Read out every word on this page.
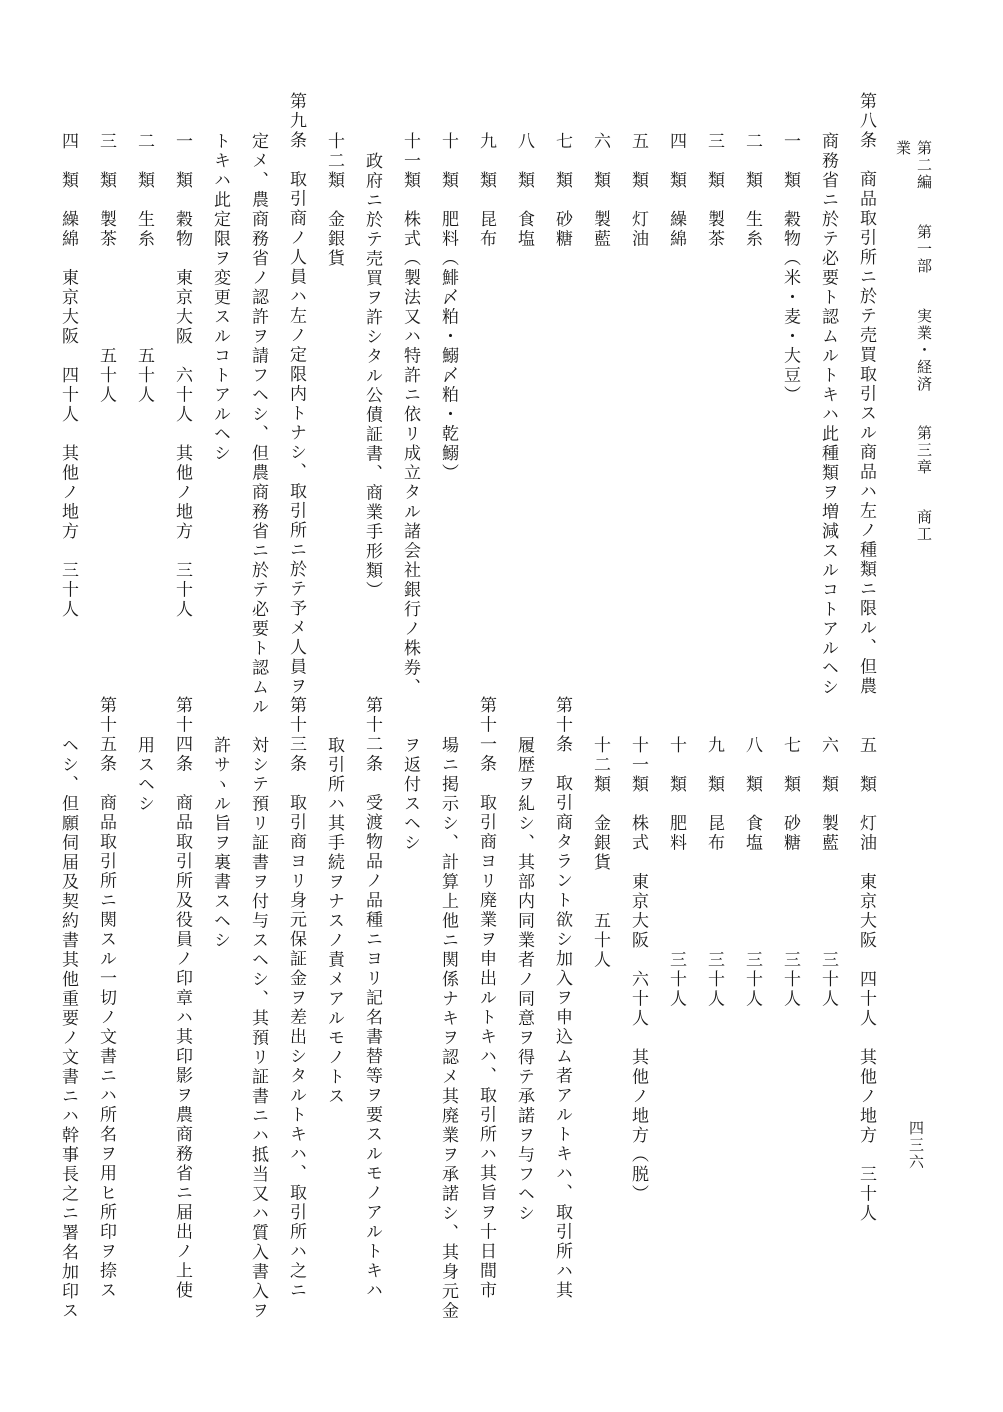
第二編 第一部 実業・経済 第三章 商工業
四三六
第八条　商品取引所ニ於テ売買取引スル商品ハ左ノ種類ニ限ル、但農
商務省ニ於テ必要ト認ムルトキハ此種類ヲ増減スルコトアルヘシ
一　類　穀物（米・麦・大豆）
二　類　生糸
三　類　製茶
四　類　繰綿
五　類　灯油
六　類　製藍
七　類　砂糖
八　類　食塩
九　類　昆布
十　類　肥料（鯡〆粕・鰯〆粕・乾鰯）
十一類　株式（製法又ハ特許ニ依リ成立タル諸会社銀行ノ株券、
政府ニ於テ売買ヲ許シタル公債証書、商業手形類）
十二類　金銀貨
第九条　取引商ノ人員ハ左ノ定限内トナシ、取引所ニ於テ予メ人員ヲ
定メ、農商務省ノ認許ヲ請フヘシ、但農商務省ニ於テ必要ト認ムル
トキハ此定限ヲ変更スルコトアルヘシ
一　類　穀物　東京大阪　六十人　其他ノ地方　三十人
二　類　生糸　　　　　五十人
三　類　製茶　　　　　五十人
四　類　繰綿　東京大阪　四十人　其他ノ地方　三十人
五　類　灯油　東京大阪　四十人　其他ノ地方　三十人
六　類　製藍　　　　　三十人
七　類　砂糖　　　　　三十人
八　類　食塩　　　　　三十人
九　類　昆布　　　　　三十人
十　類　肥料　　　　　三十人
十一類　株式　東京大阪　六十人　其他ノ地方（脱）
十二類　金銀貨　　五十人
第十条　取引商タラント欲シ加入ヲ申込ム者アルトキハ、取引所ハ其
履歴ヲ糺シ、其部内同業者ノ同意ヲ得テ承諾ヲ与フヘシ
第十一条　取引商ヨリ廃業ヲ申出ルトキハ、取引所ハ其旨ヲ十日間市
場ニ掲示シ、計算上他ニ関係ナキヲ認メ其廃業ヲ承諾シ、其身元金
ヲ返付スヘシ
第十二条　受渡物品ノ品種ニヨリ記名書替等ヲ要スルモノアルトキハ
取引所ハ其手続ヲナスノ責メアルモノトス
第十三条　取引商ヨリ身元保証金ヲ差出シタルトキハ、取引所ハ之ニ
対シテ預リ証書ヲ付与スヘシ、其預リ証書ニハ抵当又ハ質入書入ヲ
許サヽル旨ヲ裏書スヘシ
第十四条　商品取引所及役員ノ印章ハ其印影ヲ農商務省ニ届出ノ上使
用スヘシ
第十五条　商品取引所ニ関スル一切ノ文書ニハ所名ヲ用ヒ所印ヲ捺ス
ヘシ、但願伺届及契約書其他重要ノ文書ニハ幹事長之ニ署名加印ス
